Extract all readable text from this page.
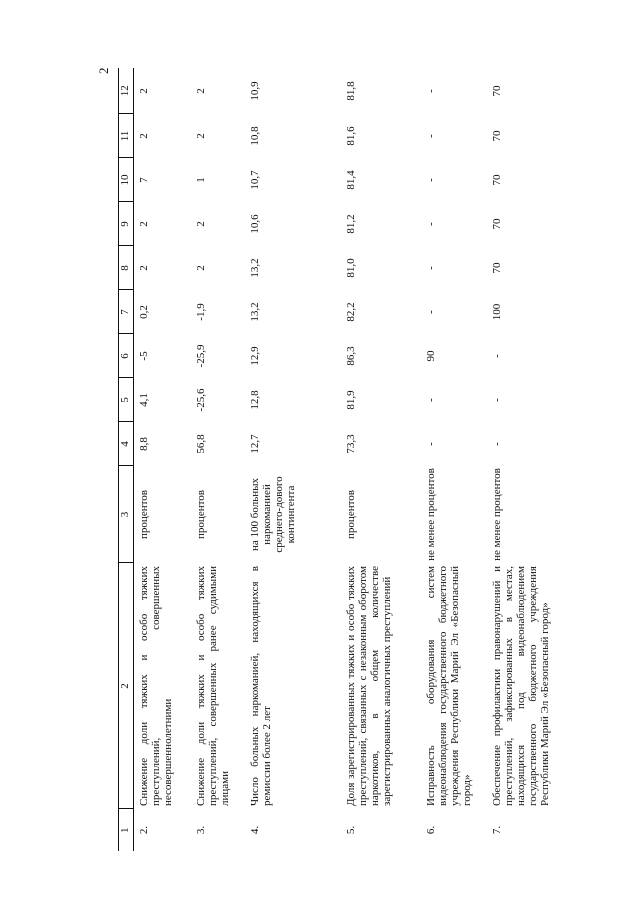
2
1	2	3	4	5	6	7	8	9	10	11	12
2.	Снижение доли тяжких и особо тяжких преступлений, совершенных несовершеннолетними	процентов	8,8	4,1	-5	0,2	2	2	7	2	2
3.	Снижение доли тяжких и особо тяжких преступлений, совершенных ранее судимыми лицами	процентов	56,8	-25,6	-25,9	-1,9	2	2	1	2	2
4.	Число больных наркоманией, находящихся в ремиссии более 2 лет	на 100 больных наркоманией среднего-дового контингента	12,7	12,8	12,9	13,2	13,2	10,6	10,7	10,8	10,9
5.	Доля зарегистрированных тяжких и особо тяжких преступлений, связанных с незаконным оборотом наркотиков, в общем количестве зарегистрированных аналогичных преступлений	процентов	73,3	81,9	86,3	82,2	81,0	81,2	81,4	81,6	81,8
6.	Исправность оборудования систем видеонаблюдения государственного бюджетного учреждения Республики Марий Эл «Безопасный город»	не менее процентов	-	-	90	-	-	-	-	-	-
7.	Обеспечение профилактики правонарушений и преступлений, зафиксированных в местах, находящихся под видеонаблюдением государственного бюджетного учреждения Республики Марий Эл «Безопасный город»	не менее процентов	-	-	-	100	70	70	70	70	70
